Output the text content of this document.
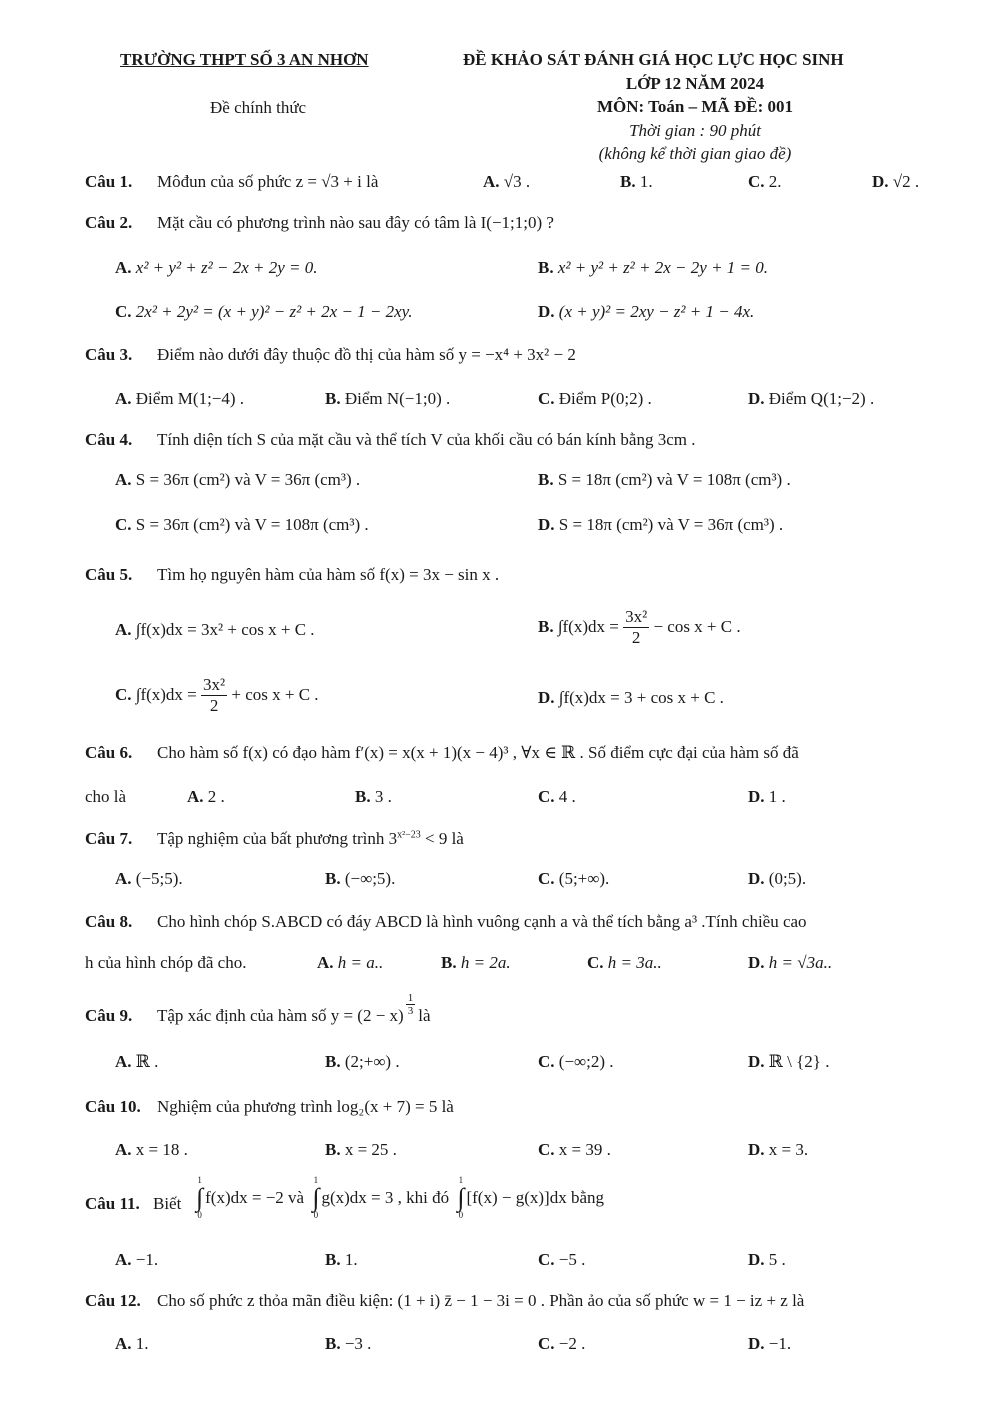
TRƯỜNG THPT SỐ 3 AN NHƠN
Đề chính thức
ĐỀ KHẢO SÁT ĐÁNH GIÁ HỌC LỰC HỌC SINH
LỚP 12 NĂM 2024
MÔN: Toán – MÃ ĐỀ: 001
Thời gian : 90 phút
(không kể thời gian giao đề)
Câu 1. Môđun của số phức z = √3 + i là	A. √3 .	B. 1.	C. 2.	D. √2 .
Câu 2. Mặt cầu có phương trình nào sau đây có tâm là I(−1;1;0) ?
A. x² + y² + z² − 2x + 2y = 0.	B. x² + y² + z² + 2x − 2y + 1 = 0.
C. 2x² + 2y² = (x + y)² − z² + 2x − 1 − 2xy.	D. (x + y)² = 2xy − z² + 1 − 4x.
Câu 3. Điểm nào dưới đây thuộc đồ thị của hàm số y = −x⁴ + 3x² − 2
A. Điểm M(1;−4) .	B. Điểm N(−1;0) .	C. Điểm P(0;2) .	D. Điểm Q(1;−2) .
Câu 4. Tính diện tích S của mặt cầu và thể tích V của khối cầu có bán kính bằng 3cm .
A. S = 36π (cm²) và V = 36π (cm³) .	B. S = 18π (cm²) và V = 108π (cm³) .
C. S = 36π (cm²) và V = 108π (cm³) .	D. S = 18π (cm²) và V = 36π (cm³) .
Câu 5. Tìm họ nguyên hàm của hàm số f(x) = 3x − sin x .
A. ∫f(x)dx = 3x² + cos x + C .	B.
∫f(x)dx =
$\frac{\text{3x²}}{2}$
− cos x + C .
C.
∫f(x)dx =
$\frac{\text{3x²}}{2}$
+ cos x + C .	D. ∫f(x)dx = 3 + cos x + C .
Câu 6. Cho hàm số f(x) có đạo hàm f′(x) = x(x + 1)(x − 4)³ , ∀x ∈ ℝ . Số điểm cực đại của hàm số đã
cho là	A. 2 .	B. 3 .	C. 4 .	D. 1 .
Câu 7. Tập nghiệm của bất phương trình $3^{x^2-23} < 9$ là
A. (−5;5).	B. (−∞;5).	C. (5;+∞).	D. (0;5).
Câu 8. Cho hình chóp S.ABCD có đáy ABCD là hình vuông cạnh a và thể tích bằng a³ .Tính chiều cao
h của hình chóp đã cho.	A. h = a..	B. h = 2a.	C. h = 3a..	D. h = √3a..
Câu 9. Tập xác định của hàm số y = (2 − x)
1
3 là
A. ℝ .	B. (2;+∞) .	C. (−∞;2) .	D. ℝ \ {2} .
Câu 10. Nghiệm của phương trình log₂(x + 7) = 5 là
A. x = 18 .	B. x = 25 .	C. x = 39 .	D. x = 3.
Câu 11. Biết
1
∫
0
f(x)dx = −2 và

1
∫
0
g(x)dx = 3 , khi đó

1
∫
0
[f(x) − g(x)]dx bằng
A. −1.	B. 1.	C. −5 .	D. 5 .
Câu 12. Cho số phức z thỏa mãn điều kiện: (1 + i) z̄ − 1 − 3i = 0 . Phần ảo của số phức w = 1 − iz + z là
A. 1.	B. −3 .	C. −2 .	D. −1.
